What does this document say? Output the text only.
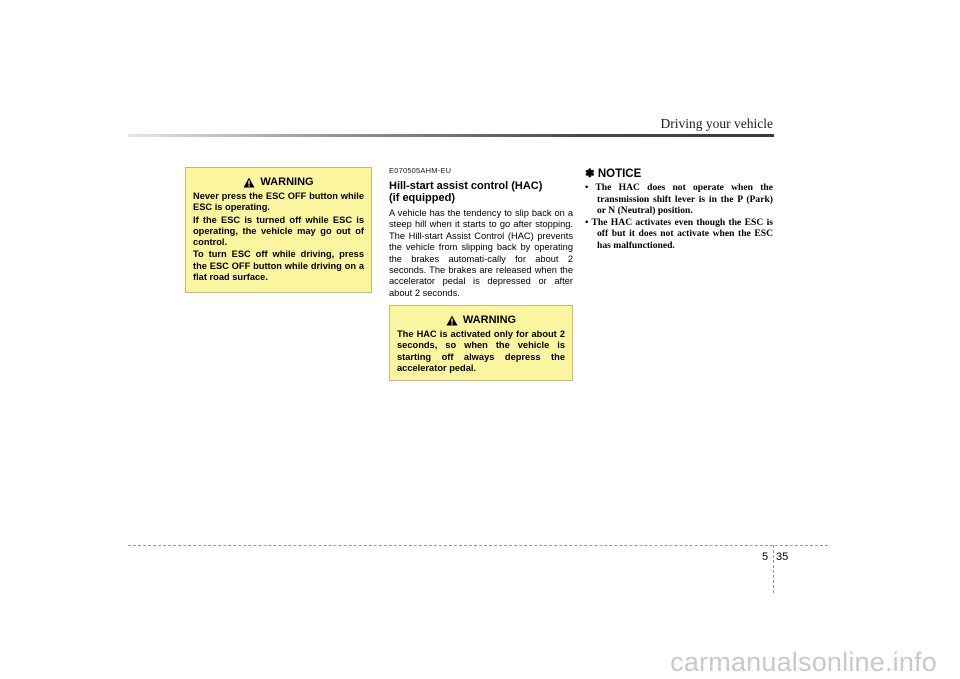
Driving your vehicle
WARNING

Never press the ESC OFF button while ESC is operating.

If the ESC is turned off while ESC is operating, the vehicle may go out of control.

To turn ESC off while driving, press the ESC OFF button while driving on a flat road surface.

E070505AHM-EU
Hill-start assist control (HAC)
(if equipped)

A vehicle has the tendency to slip back on a steep hill when it starts to go after stopping. The Hill-start Assist Control (HAC) prevents the vehicle from slipping back by operating the brakes automati-cally for about 2 seconds. The brakes are released when the accelerator pedal is depressed or after about 2 seconds.

WARNING

The HAC is activated only for about 2 seconds, so when the vehicle is starting off always depress the accelerator pedal.

✽ NOTICE
• The HAC does not operate when the transmission shift lever is in the P (Park) or N (Neutral) position.
• The HAC activates even though the ESC is off but it does not activate when the ESC has malfunctioned.
5 35
carmanualsonline.info
